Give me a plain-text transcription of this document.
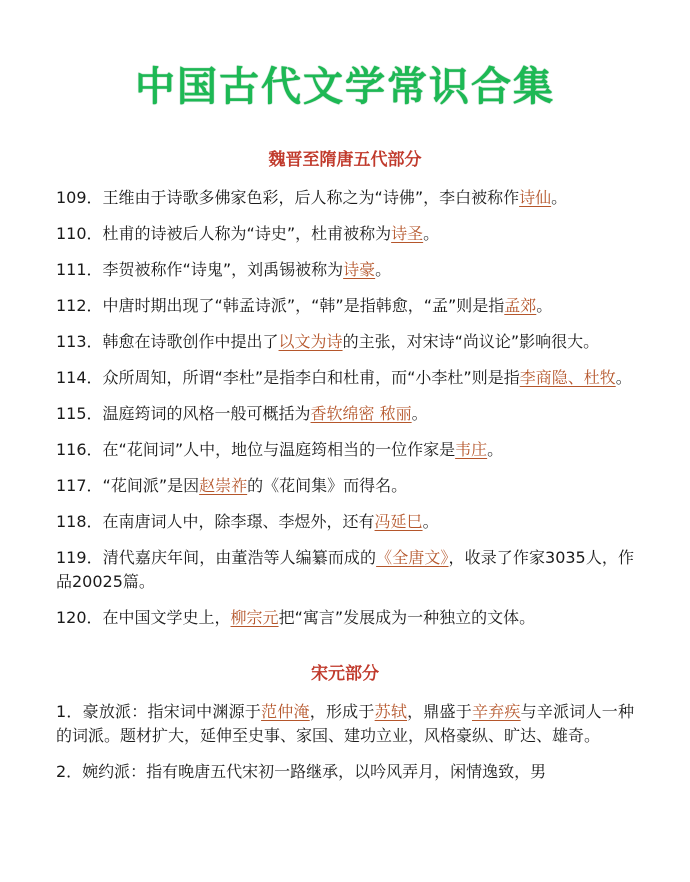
中国古代文学常识合集
魏晋至隋唐五代部分

109．王维由于诗歌多佛家色彩，后人称之为“诗佛”，李白被称作诗仙。

110．杜甫的诗被后人称为“诗史”，杜甫被称为诗圣。

111．李贺被称作“诗鬼”，刘禹锡被称为诗豪。

112．中唐时期出现了“韩孟诗派”，“韩”是指韩愈，“孟”则是指孟郊。

113．韩愈在诗歌创作中提出了以文为诗的主张，对宋诗“尚议论”影响很大。

114．众所周知，所谓“李杜”是指李白和杜甫，而“小李杜”则是指李商隐、杜牧。

115．温庭筠词的风格一般可概括为香软绵密 秾丽。

116．在“花间词”人中，地位与温庭筠相当的一位作家是韦庄。

117．“花间派”是因赵崇祚的《花间集》而得名。

118．在南唐词人中，除李璟、李煜外，还有冯延巳。

119．清代嘉庆年间，由董浩等人编纂而成的《全唐文》，收录了作家3035人，作品20025篇。

120．在中国文学史上，柳宗元把“寓言”发展成为一种独立的文体。

宋元部分

1．豪放派：指宋词中渊源于范仲淹，形成于苏轼，鼎盛于辛弃疾与辛派词人一种的词派。题材扩大，延伸至史事、家国、建功立业，风格豪纵、旷达、雄奇。

2．婉约派：指有晚唐五代宋初一路继承，以吟风弄月，闲情逸致，男
